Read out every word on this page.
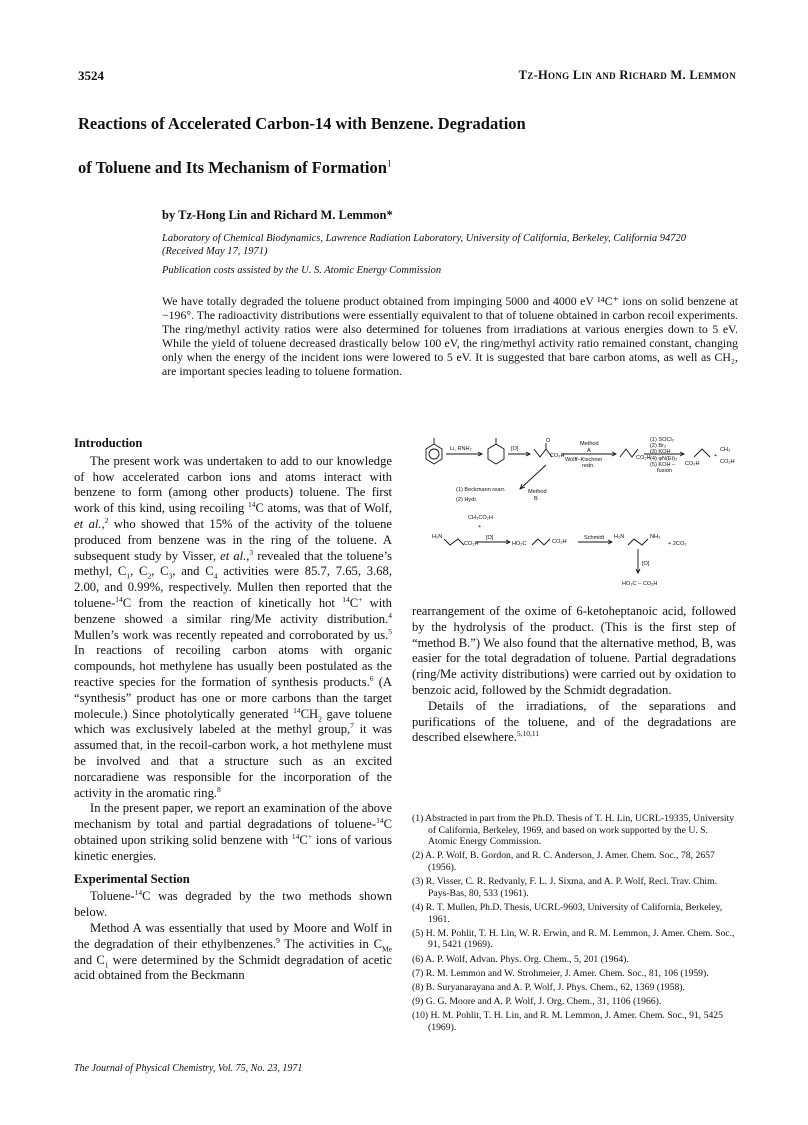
3524	Tz-Hong Lin and Richard M. Lemmon
Reactions of Accelerated Carbon-14 with Benzene. Degradation
of Toluene and Its Mechanism of Formation$^1$
by Tz-Hong Lin and Richard M. Lemmon*
Laboratory of Chemical Biodynamics, Lawrence Radiation Laboratory, University of California, Berkeley, California 94720
(Received May 17, 1971)
Publication costs assisted by the U. S. Atomic Energy Commission
We have totally degraded the toluene product obtained from impinging 5000 and 4000 eV ¹⁴C⁺ ions on solid benzene at −196°. The radioactivity distributions were essentially equivalent to that of toluene obtained in carbon recoil experiments. The ring/methyl activity ratios were also determined for toluenes from irradiations at various energies down to 5 eV. While the yield of toluene decreased drastically below 100 eV, the ring/methyl activity ratio remained constant, changing only when the energy of the incident ions were lowered to 5 eV. It is suggested that bare carbon atoms, as well as CH₂, are important species leading to toluene formation.
Introduction

The present work was undertaken to add to our knowledge of how accelerated carbon ions and atoms interact with benzene to form (among other products) toluene. The first work of this kind, using recoiling $^{14}$C atoms, was that of Wolf, et al.,$^2$ who showed that 15% of the activity of the toluene produced from benzene was in the ring of the toluene. A subsequent study by Visser, et al.,$^3$ revealed that the toluene’s methyl, $C_1$, $C_2$, $C_3$, and $C_4$ activities were 85.7, 7.65, 3.68, 2.00, and 0.99%, respectively. Mullen then reported that the toluene-$^{14}$C from the reaction of kinetically hot $^{14}$C+ with benzene showed a similar ring/Me activity distribution.$^4$ Mullen’s work was recently repeated and corroborated by us.$^5$ In reactions of recoiling carbon atoms with organic compounds, hot methylene has usually been postulated as the reactive species for the formation of synthesis products.$^6$ (A “synthesis” product has one or more carbons than the target molecule.) Since photolytically generated $^{14}CH_2$ gave toluene which was exclusively labeled at the methyl group,$^7$ it was assumed that, in the recoil-carbon work, a hot methylene must be involved and that a structure such as an excited norcaradiene was responsible for the incorporation of the activity in the aromatic ring.$^8$

In the present paper, we report an examination of the above mechanism by total and partial degradations of toluene-$^{14}$C obtained upon striking solid benzene with $^{14}$C+ ions of various kinetic energies.

Experimental Section

Toluene-$^{14}$C was degraded by the two methods shown below.

Method A was essentially that used by Moore and Wolf in the degradation of their ethylbenzenes.$^9$ The activities in $C_{Me}$ and $C_1$ were determined by the Schmidt degradation of acetic acid obtained from the Beckmann

Li, RNH₂	[O]
O
CO₂H
Method
A
Wolff–Kischner
redn.
CO₂H
(1) SOCl₂
(2) Br₂
(3) KOH
(4) φN(Et)₂
(5) KOH –
fusion
CO₂H
+
CH₃
CO₂H
(1) Beckmann rearr.
(2) Hydr.
Method
B
CH₃CO₂H
+
H₂N
CO₂H
[O]
HO₂C	CO₂H
Schmidt H₂N	NH₂
+ 2CO₂
[O]
HO₂C – CO₂H

rearrangement of the oxime of 6-ketoheptanoic acid, followed by the hydrolysis of the product. (This is the first step of “method B.”) We also found that the alternative method, B, was easier for the total degradation of toluene. Partial degradations (ring/Me activity distributions) were carried out by oxidation to benzoic acid, followed by the Schmidt degradation.

Details of the irradiations, of the separations and purifications of the toluene, and of the degradations are described elsewhere.$^{5,10,11}$

(1) Abstracted in part from the Ph.D. Thesis of T. H. Lin, UCRL-19335, University of California, Berkeley, 1969, and based on work supported by the U. S. Atomic Energy Commission.
(2) A. P. Wolf, B. Gordon, and R. C. Anderson, J. Amer. Chem. Soc., 78, 2657 (1956).
(3) R. Visser, C. R. Redvanly, F. L. J. Sixma, and A. P. Wolf, Recl. Trav. Chim. Pays-Bas, 80, 533 (1961).
(4) R. T. Mullen, Ph.D. Thesis, UCRL-9603, University of California, Berkeley, 1961.
(5) H. M. Pohlit, T. H. Lin, W. R. Erwin, and R. M. Lemmon, J. Amer. Chem. Soc., 91, 5421 (1969).
(6) A. P. Wolf, Advan. Phys. Org. Chem., 5, 201 (1964).
(7) R. M. Lemmon and W. Strohmeier, J. Amer. Chem. Soc., 81, 106 (1959).
(8) B. Suryanarayana and A. P. Wolf, J. Phys. Chem., 62, 1369 (1958).
(9) G. G. Moore and A. P. Wolf, J. Org. Chem., 31, 1106 (1966).
(10) H. M. Pohlit, T. H. Lin, and R. M. Lemmon, J. Amer. Chem. Soc., 91, 5425 (1969).
The Journal of Physical Chemistry, Vol. 75, No. 23, 1971
